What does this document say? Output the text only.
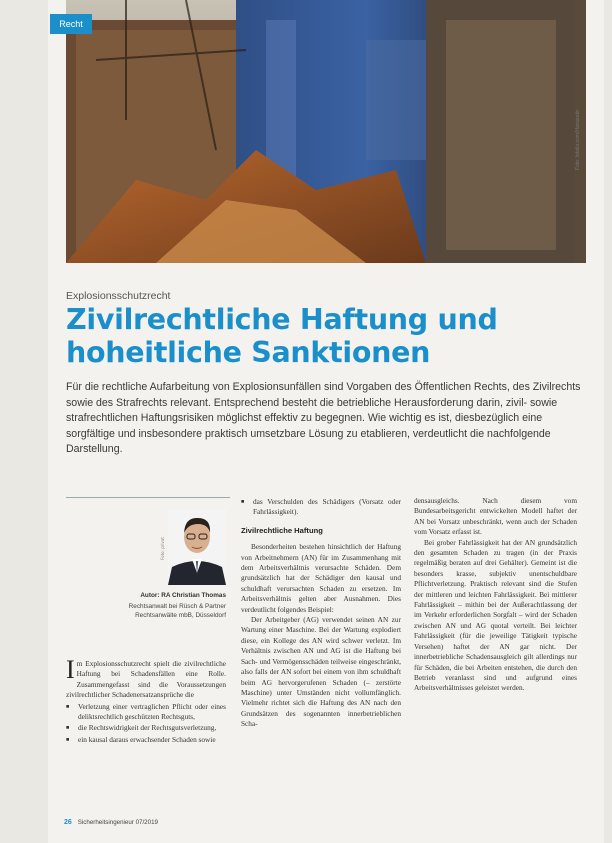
Recht
Foto: fotolia.com/Hanseatic
Explosionsschutzrecht
Zivilrechtliche Haftung und
hoheitliche Sanktionen

Für die rechtliche Aufarbeitung von Explosionsunfällen sind Vorgaben des Öffentlichen Rechts, des Zivilrechts sowie des Strafrechts relevant. Entsprechend besteht die betriebliche Herausforderung darin, zivil- sowie strafrechtlichen Haftungsrisiken möglichst effektiv zu begegnen. Wie wichtig es ist, diesbezüglich eine sorgfältige und insbesondere praktisch umsetzbare Lösung zu etablieren, verdeutlicht die nachfolgende Darstellung.

Foto: privat
Autor: RA Christian Thomas
Rechtsanwalt bei Rüsch & Partner
Rechtsanwälte mbB, Düsseldorf

Im Explosionsschutzrecht spielt die zivilrechtliche Haftung bei Schadensfällen eine Rolle. Zusammengefasst sind die Voraussetzungen zivilrechtlicher Schadenersatzansprüche die

■ Verletzung einer vertraglichen Pflicht oder eines deliktsrechtlich geschützten Rechtsguts,
■ die Rechtswidrigkeit der Rechtsgutsverletzung,
■ ein kausal daraus erwachsender Schaden sowie
■ das Verschulden des Schädigers (Vorsatz oder Fahrlässigkeit).
Zivilrechtliche Haftung

Besonderheiten bestehen hinsichtlich der Haftung von Arbeitnehmern (AN) für im Zusammenhang mit dem Arbeitsverhältnis verursachte Schäden. Dem grundsätzlich hat der Schädiger den kausal und schuldhaft verursachten Schaden zu ersetzen. Im Arbeitsverhältnis gelten aber Ausnahmen. Dies verdeutlicht folgendes Beispiel:

Der Arbeitgeber (AG) verwendet seinen AN zur Wartung einer Maschine. Bei der Wartung explodiert diese, ein Kollege des AN wird schwer verletzt. Im Verhältnis zwischen AN und AG ist die Haftung bei Sach- und Vermögensschäden teilweise eingeschränkt, also falls der AN sofort bei einem von ihm schuldhaft beim AG hervorgerufenen Schaden (– zerstörte Maschine) unter Umständen nicht vollumfänglich. Vielmehr richtet sich die Haftung des AN nach den Grundsätzen des sogenannten innerbetrieblichen Scha-

densausgleichs. Nach diesem vom Bundesarbeitsgericht entwickelten Modell haftet der AN bei Vorsatz unbeschränkt, wenn auch der Schaden vom Vorsatz erfasst ist.

Bei grober Fahrlässigkeit hat der AN grundsätzlich den gesamten Schaden zu tragen (in der Praxis regelmäßig beraten auf drei Gehälter). Gemeint ist die besonders krasse, subjektiv unentschuldbare Pflichtverletzung. Praktisch relevant sind die Stufen der mittleren und leichten Fahrlässigkeit. Bei mittlerer Fahrlässigkeit – mithin bei der Außerachtlassung der im Verkehr erforderlichen Sorgfalt – wird der Schaden zwischen AN und AG quotal verteilt. Bei leichter Fahrlässigkeit (für die jeweilige Tätigkeit typische Versehen) haftet der AN gar nicht. Der innerbetriebliche Schadensausgleich gilt allerdings nur für Schäden, die bei Arbeiten entstehen, die durch den Betrieb veranlasst sind und aufgrund eines Arbeitsverhältnisses geleistet werden.

26 Sicherheitsingenieur 07/2019
